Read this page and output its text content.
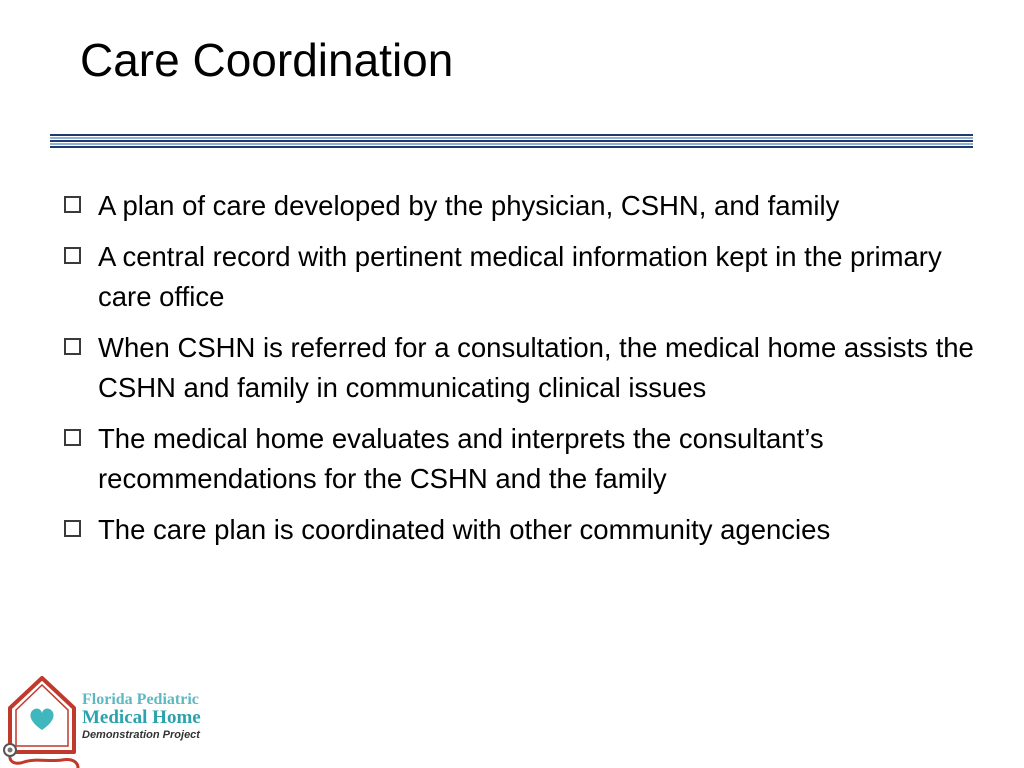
Care Coordination
A plan of care developed by the physician, CSHN, and family
A central record with pertinent medical information kept in the primary care office
When CSHN is referred for a consultation, the medical home assists the CSHN and family in communicating clinical issues
The medical home evaluates and interprets the consultant’s recommendations for the CSHN and the family
The care plan is coordinated with other community agencies
Florida Pediatric
Medical Home
Demonstration Project
